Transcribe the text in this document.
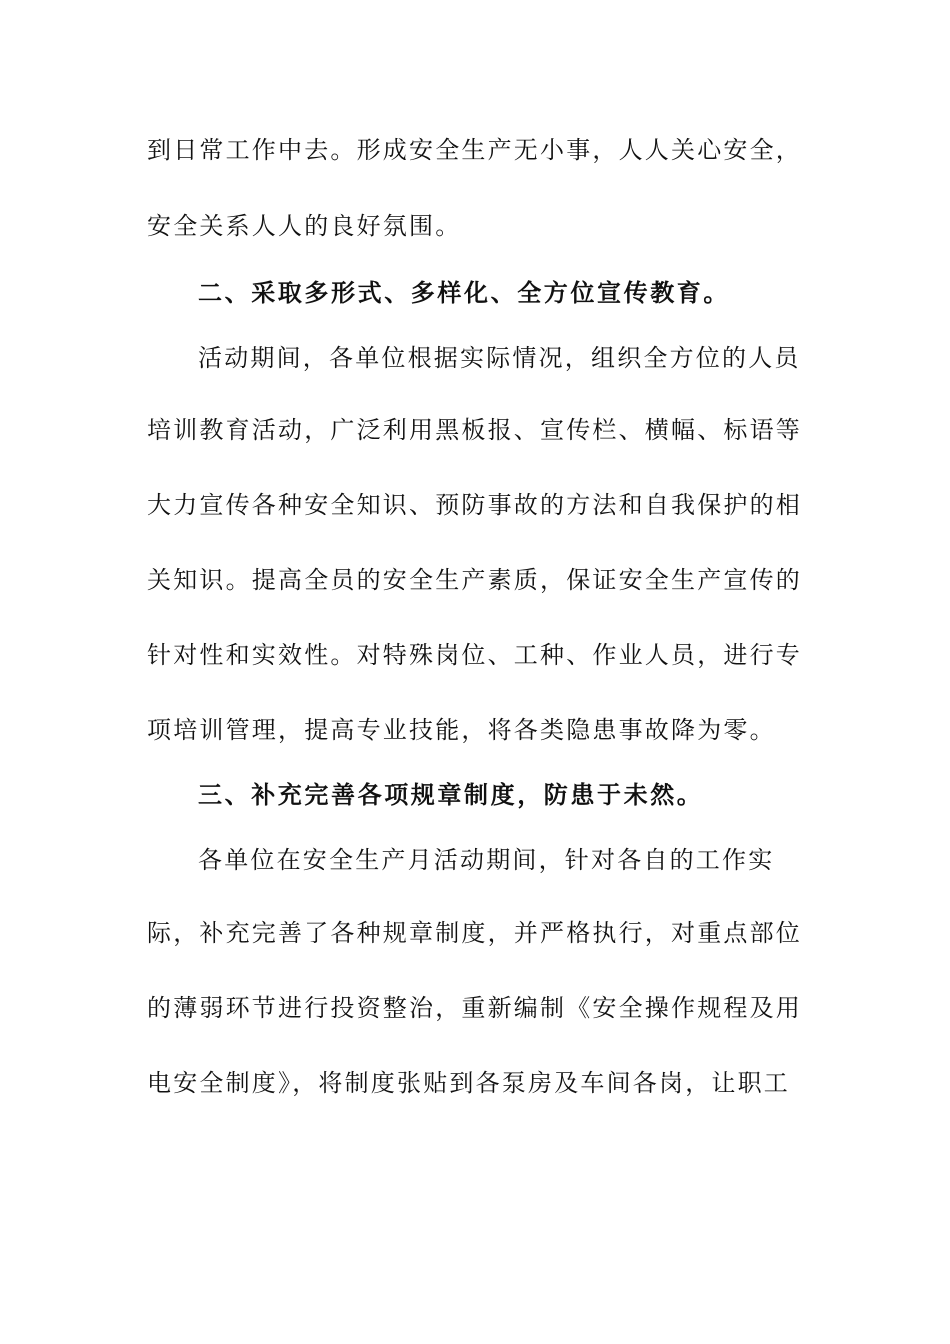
到日常工作中去。形成安全生产无小事，人人关心安全，
安全关系人人的良好氛围。
二、采取多形式、多样化、全方位宣传教育。
活动期间，各单位根据实际情况，组织全方位的人员
培训教育活动，广泛利用黑板报、宣传栏、横幅、标语等
大力宣传各种安全知识、预防事故的方法和自我保护的相
关知识。提高全员的安全生产素质，保证安全生产宣传的
针对性和实效性。对特殊岗位、工种、作业人员，进行专
项培训管理，提高专业技能，将各类隐患事故降为零。
三、补充完善各项规章制度，防患于未然。
各单位在安全生产月活动期间，针对各自的工作实
际，补充完善了各种规章制度，并严格执行，对重点部位
的薄弱环节进行投资整治，重新编制《安全操作规程及用
电安全制度》，将制度张贴到各泵房及车间各岗，让职工
